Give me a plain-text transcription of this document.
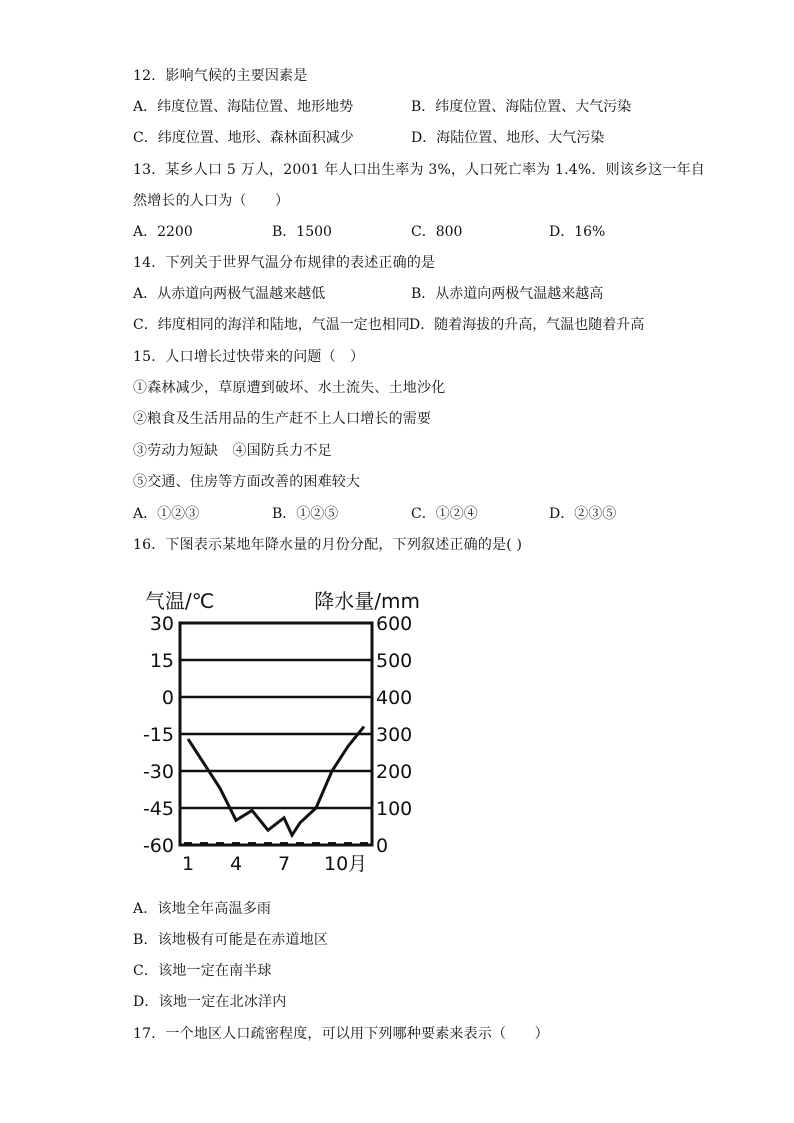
12．影响气候的主要因素是
A．纬度位置、海陆位置、地形地势	B．纬度位置、海陆位置、大气污染
C．纬度位置、地形、森林面积减少	D．海陆位置、地形、大气污染
13．某乡人口 5 万人，2001 年人口出生率为 3%，人口死亡率为 1.4%．则该乡这一年自
然增长的人口为（　　）
A．2200	B．1500	C．800	D．16%
14．下列关于世界气温分布规律的表述正确的是
A．从赤道向两极气温越来越低	B．从赤道向两极气温越来越高
C．纬度相同的海洋和陆地，气温一定也相同 D．随着海拔的升高，气温也随着升高
15．人口增长过快带来的问题（　）
①森林减少，草原遭到破坏、水土流失、土地沙化
②粮食及生活用品的生产赶不上人口增长的需要
③劳动力短缺　④国防兵力不足
⑤交通、住房等方面改善的困难较大
A．①②③	B．①②⑤	C．①②④	D．②③⑤
16．下图表示某地年降水量的月份分配，下列叙述正确的是( )
气温/℃	降水量/mm
30
15
0
-15
-30
-45
-60
600
500
400
300
200
100
0
1 4 7 10月
A．该地全年高温多雨
B．该地极有可能是在赤道地区
C．该地一定在南半球
D．该地一定在北冰洋内
17．一个地区人口疏密程度，可以用下列哪种要素来表示（　　）
